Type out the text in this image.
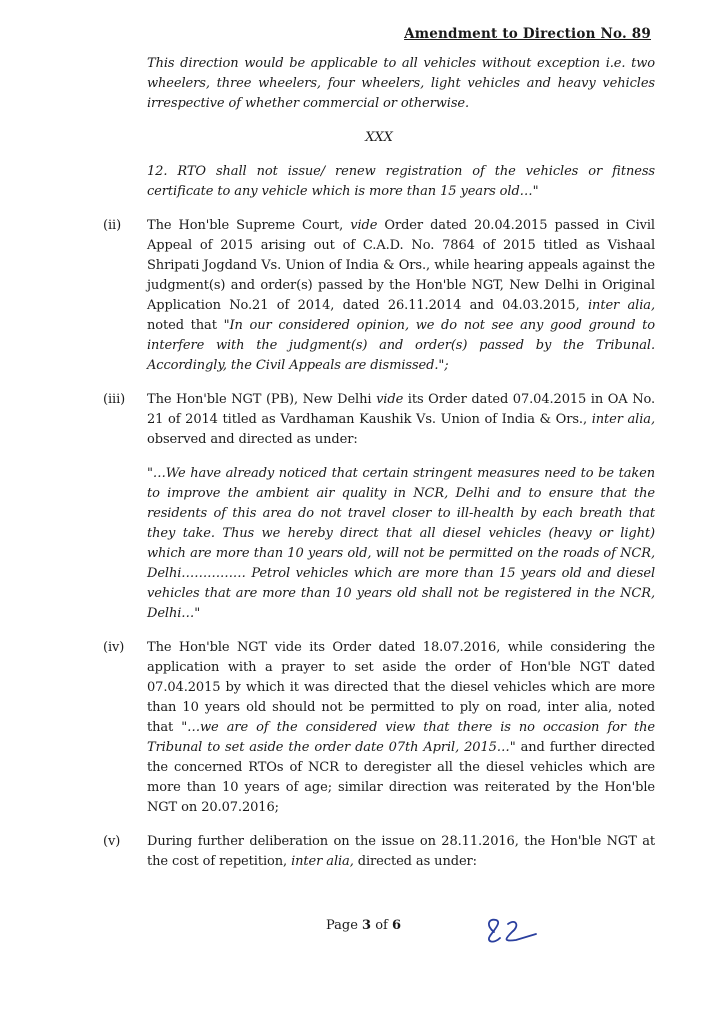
Amendment to Direction No. 89

This direction would be applicable to all vehicles without exception i.e. two wheelers, three wheelers, four wheelers, light vehicles and heavy vehicles irrespective of whether commercial or otherwise.

XXX

12. RTO shall not issue/ renew registration of the vehicles or fitness certificate to any vehicle which is more than 15 years old…"

(ii) The Hon'ble Supreme Court, vide Order dated 20.04.2015 passed in Civil Appeal of 2015 arising out of C.A.D. No. 7864 of 2015 titled as Vishaal Shripati Jogdand Vs. Union of India & Ors., while hearing appeals against the judgment(s) and order(s) passed by the Hon'ble NGT, New Delhi in Original Application No.21 of 2014, dated 26.11.2014 and 04.03.2015, inter alia, noted that "In our considered opinion, we do not see any good ground to interfere with the judgment(s) and order(s) passed by the Tribunal. Accordingly, the Civil Appeals are dismissed.";

(iii) The Hon'ble NGT (PB), New Delhi vide its Order dated 07.04.2015 in OA No. 21 of 2014 titled as Vardhaman Kaushik Vs. Union of India & Ors., inter alia, observed and directed as under:

"…We have already noticed that certain stringent measures need to be taken to improve the ambient air quality in NCR, Delhi and to ensure that the residents of this area do not travel closer to ill-health by each breath that they take. Thus we hereby direct that all diesel vehicles (heavy or light) which are more than 10 years old, will not be permitted on the roads of NCR, Delhi…………… Petrol vehicles which are more than 15 years old and diesel vehicles that are more than 10 years old shall not be registered in the NCR, Delhi…"

(iv) The Hon'ble NGT vide its Order dated 18.07.2016, while considering the application with a prayer to set aside the order of Hon'ble NGT dated 07.04.2015 by which it was directed that the diesel vehicles which are more than 10 years old should not be permitted to ply on road, inter alia, noted that "…we are of the considered view that there is no occasion for the Tribunal to set aside the order date 07th April, 2015…" and further directed the concerned RTOs of NCR to deregister all the diesel vehicles which are more than 10 years of age; similar direction was reiterated by the Hon'ble NGT on 20.07.2016;

(v) During further deliberation on the issue on 28.11.2016, the Hon'ble NGT at the cost of repetition, inter alia, directed as under:

Page 3 of 6
